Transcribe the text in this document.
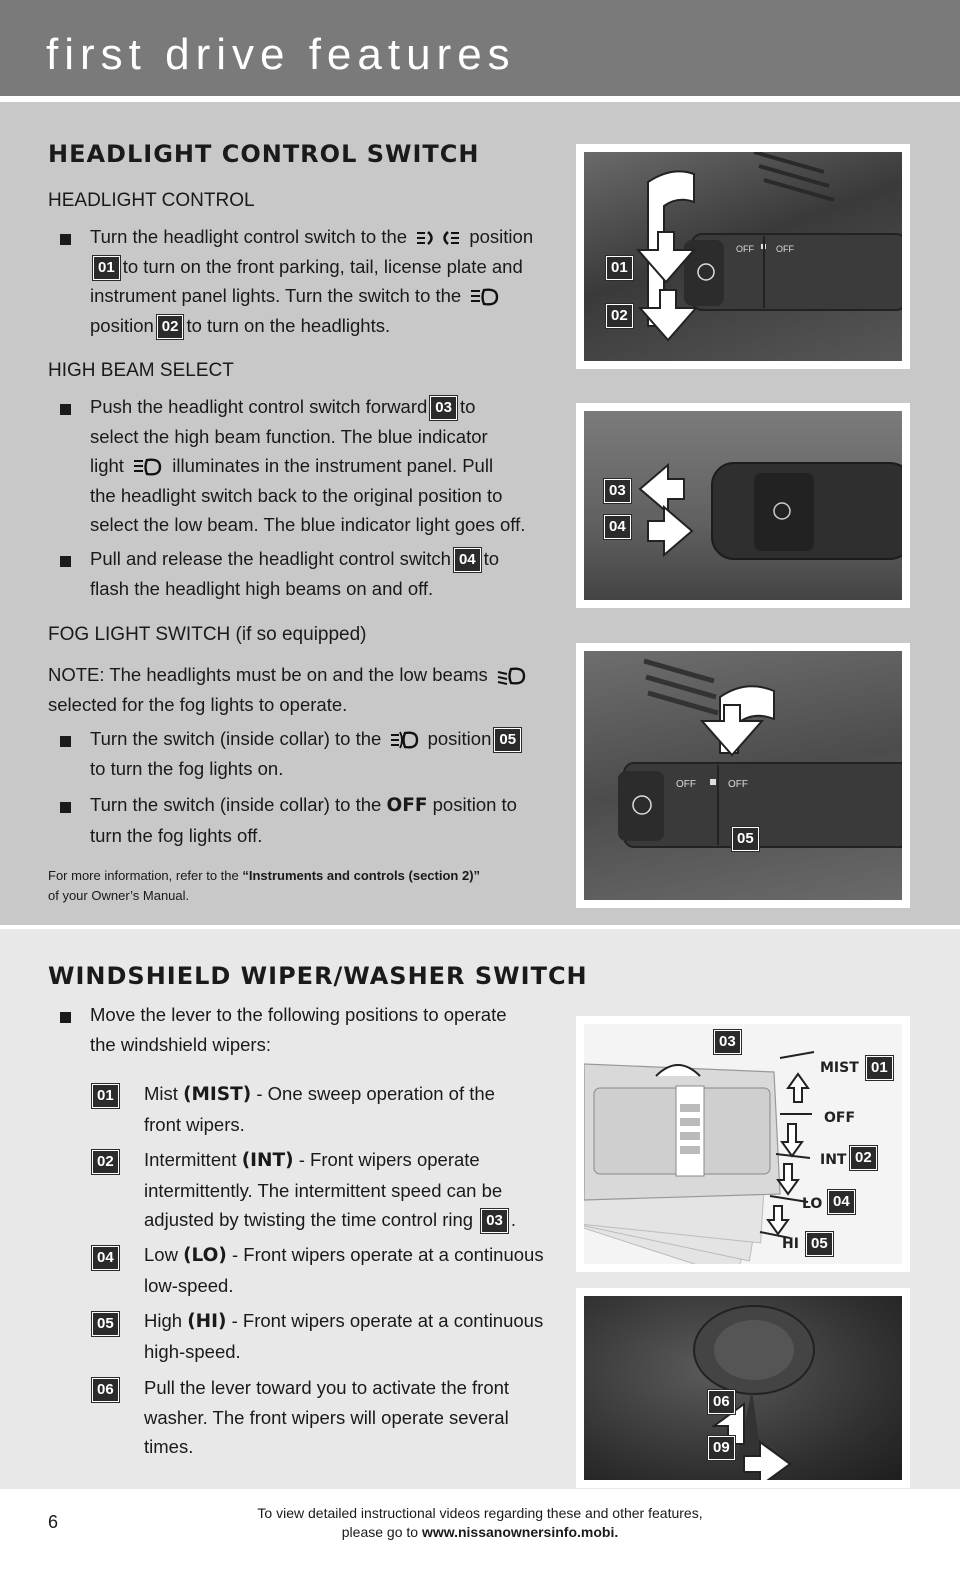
first drive features
HEADLIGHT CONTROL SWITCH
HEADLIGHT CONTROL
Turn the headlight control switch to the	position
01 to turn on the front parking, tail, license plate and
instrument panel lights. Turn the switch to the
position 02 to turn on the headlights.
HIGH BEAM SELECT
Push the headlight control switch forward 03 to
select the high beam function. The blue indicator
light	illuminates in the instrument panel. Pull
the headlight switch back to the original position to
select the low beam. The blue indicator light goes off.
Pull and release the headlight control switch 04 to
flash the headlight high beams on and off.
FOG LIGHT SWITCH (if so equipped)
NOTE: The headlights must be on and the low beams
selected for the fog lights to operate.
Turn the switch (inside collar) to the	position 05
to turn the fog lights on.
Turn the switch (inside collar) to the OFF position to
turn the fog lights off.
For more information, refer to the “Instruments and controls (section 2)”
of your Owner’s Manual.
OFF OFF
01
02
03
04
OFF	OFF
05
WINDSHIELD WIPER/WASHER SWITCH
Move the lever to the following positions to operate
the windshield wipers:
01 Mist (MIST) - One sweep operation of the
front wipers.
02 Intermittent (INT) - Front wipers operate
intermittently. The intermittent speed can be
adjusted by twisting the time control ring 03 .
04 Low (LO) - Front wipers operate at a continuous
low-speed.
05 High (HI) - Front wipers operate at a continuous
high-speed.
06 Pull the lever toward you to activate the front
washer. The front wipers will operate several
times.
MIST
OFF
INT
LO
HI
03
01
02
04
05
06
09
6	To view detailed instructional videos regarding these and other features,
please go to www.nissanownersinfo.mobi.
